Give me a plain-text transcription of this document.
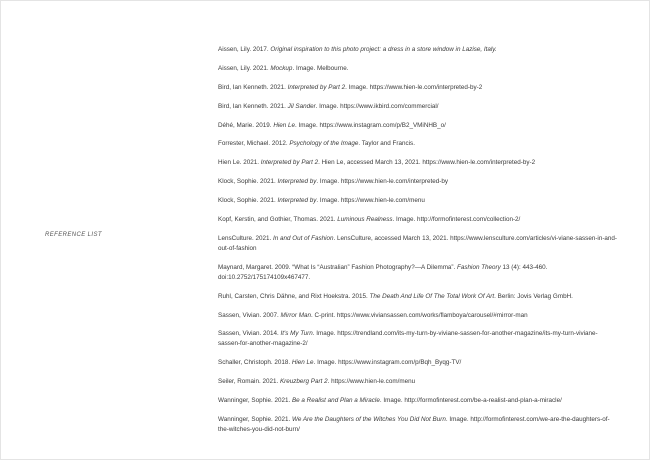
REFERENCE LIST
Aissen, Lily. 2017. Original inspiration to this photo project: a dress in a store window in Lazise, Italy.
Aissen, Lily. 2021. Mockup. Image. Melbourne.
Bird, Ian Kenneth. 2021. Interpreted by Part 2. Image. https://www.hien-le.com/interpreted-by-2
Bird, Ian Kenneth. 2021. Jil Sander. Image. https://www.ikbird.com/commercial/
Déhé, Marie. 2019. Hien Le. Image. https://www.instagram.com/p/B2_VMiNHB_o/
Forrester, Michael. 2012. Psychology of the Image. Taylor and Francis.
Hien Le. 2021. Interpreted by Part 2. Hien Le, accessed March 13, 2021. https://www.hien-le.com/interpreted-by-2
Klock, Sophie. 2021. Interpreted by. Image. https://www.hien-le.com/interpreted-by
Klock, Sophie. 2021. Interpreted by. Image. https://www.hien-le.com/menu
Kopf, Kerstin, and Gothier, Thomas. 2021. Luminous Realness. Image. http://formofinterest.com/collection-2/
LensCulture. 2021. In and Out of Fashion. LensCulture, accessed March 13, 2021. https://www.lensculture.com/articles/vi-viane-sassen-in-and-out-of-fashion
Maynard, Margaret. 2009. “What Is “Australian” Fashion Photography?—A Dilemma”. Fashion Theory 13 (4): 443-460. doi:10.2752/175174109x467477.
Ruhl, Carsten, Chris Dähne, and Rixt Hoekstra. 2015. The Death And Life Of The Total Work Of Art. Berlin: Jovis Verlag GmbH.
Sassen, Vivian. 2007. Mirror Man. C-print. https://www.viviansassen.com/works/flamboya/carousel/#mirror-man
Sassen, Vivian. 2014. It's My Turn. Image. https://trendland.com/its-my-turn-by-viviane-sassen-for-another-magazine/its-my-turn-viviane-sassen-for-another-magazine-2/
Schaller, Christoph. 2018. Hien Le. Image. https://www.instagram.com/p/Bqh_Byqg-TV/
Seiler, Romain. 2021. Kreuzberg Part 2. https://www.hien-le.com/menu
Wanninger, Sophie. 2021. Be a Realist and Plan a Miracle. Image. http://formofinterest.com/be-a-realist-and-plan-a-miracle/
Wanninger, Sophie. 2021. We Are the Daughters of the Witches You Did Not Burn. Image. http://formofinterest.com/we-are-the-daughters-of-the-witches-you-did-not-burn/
